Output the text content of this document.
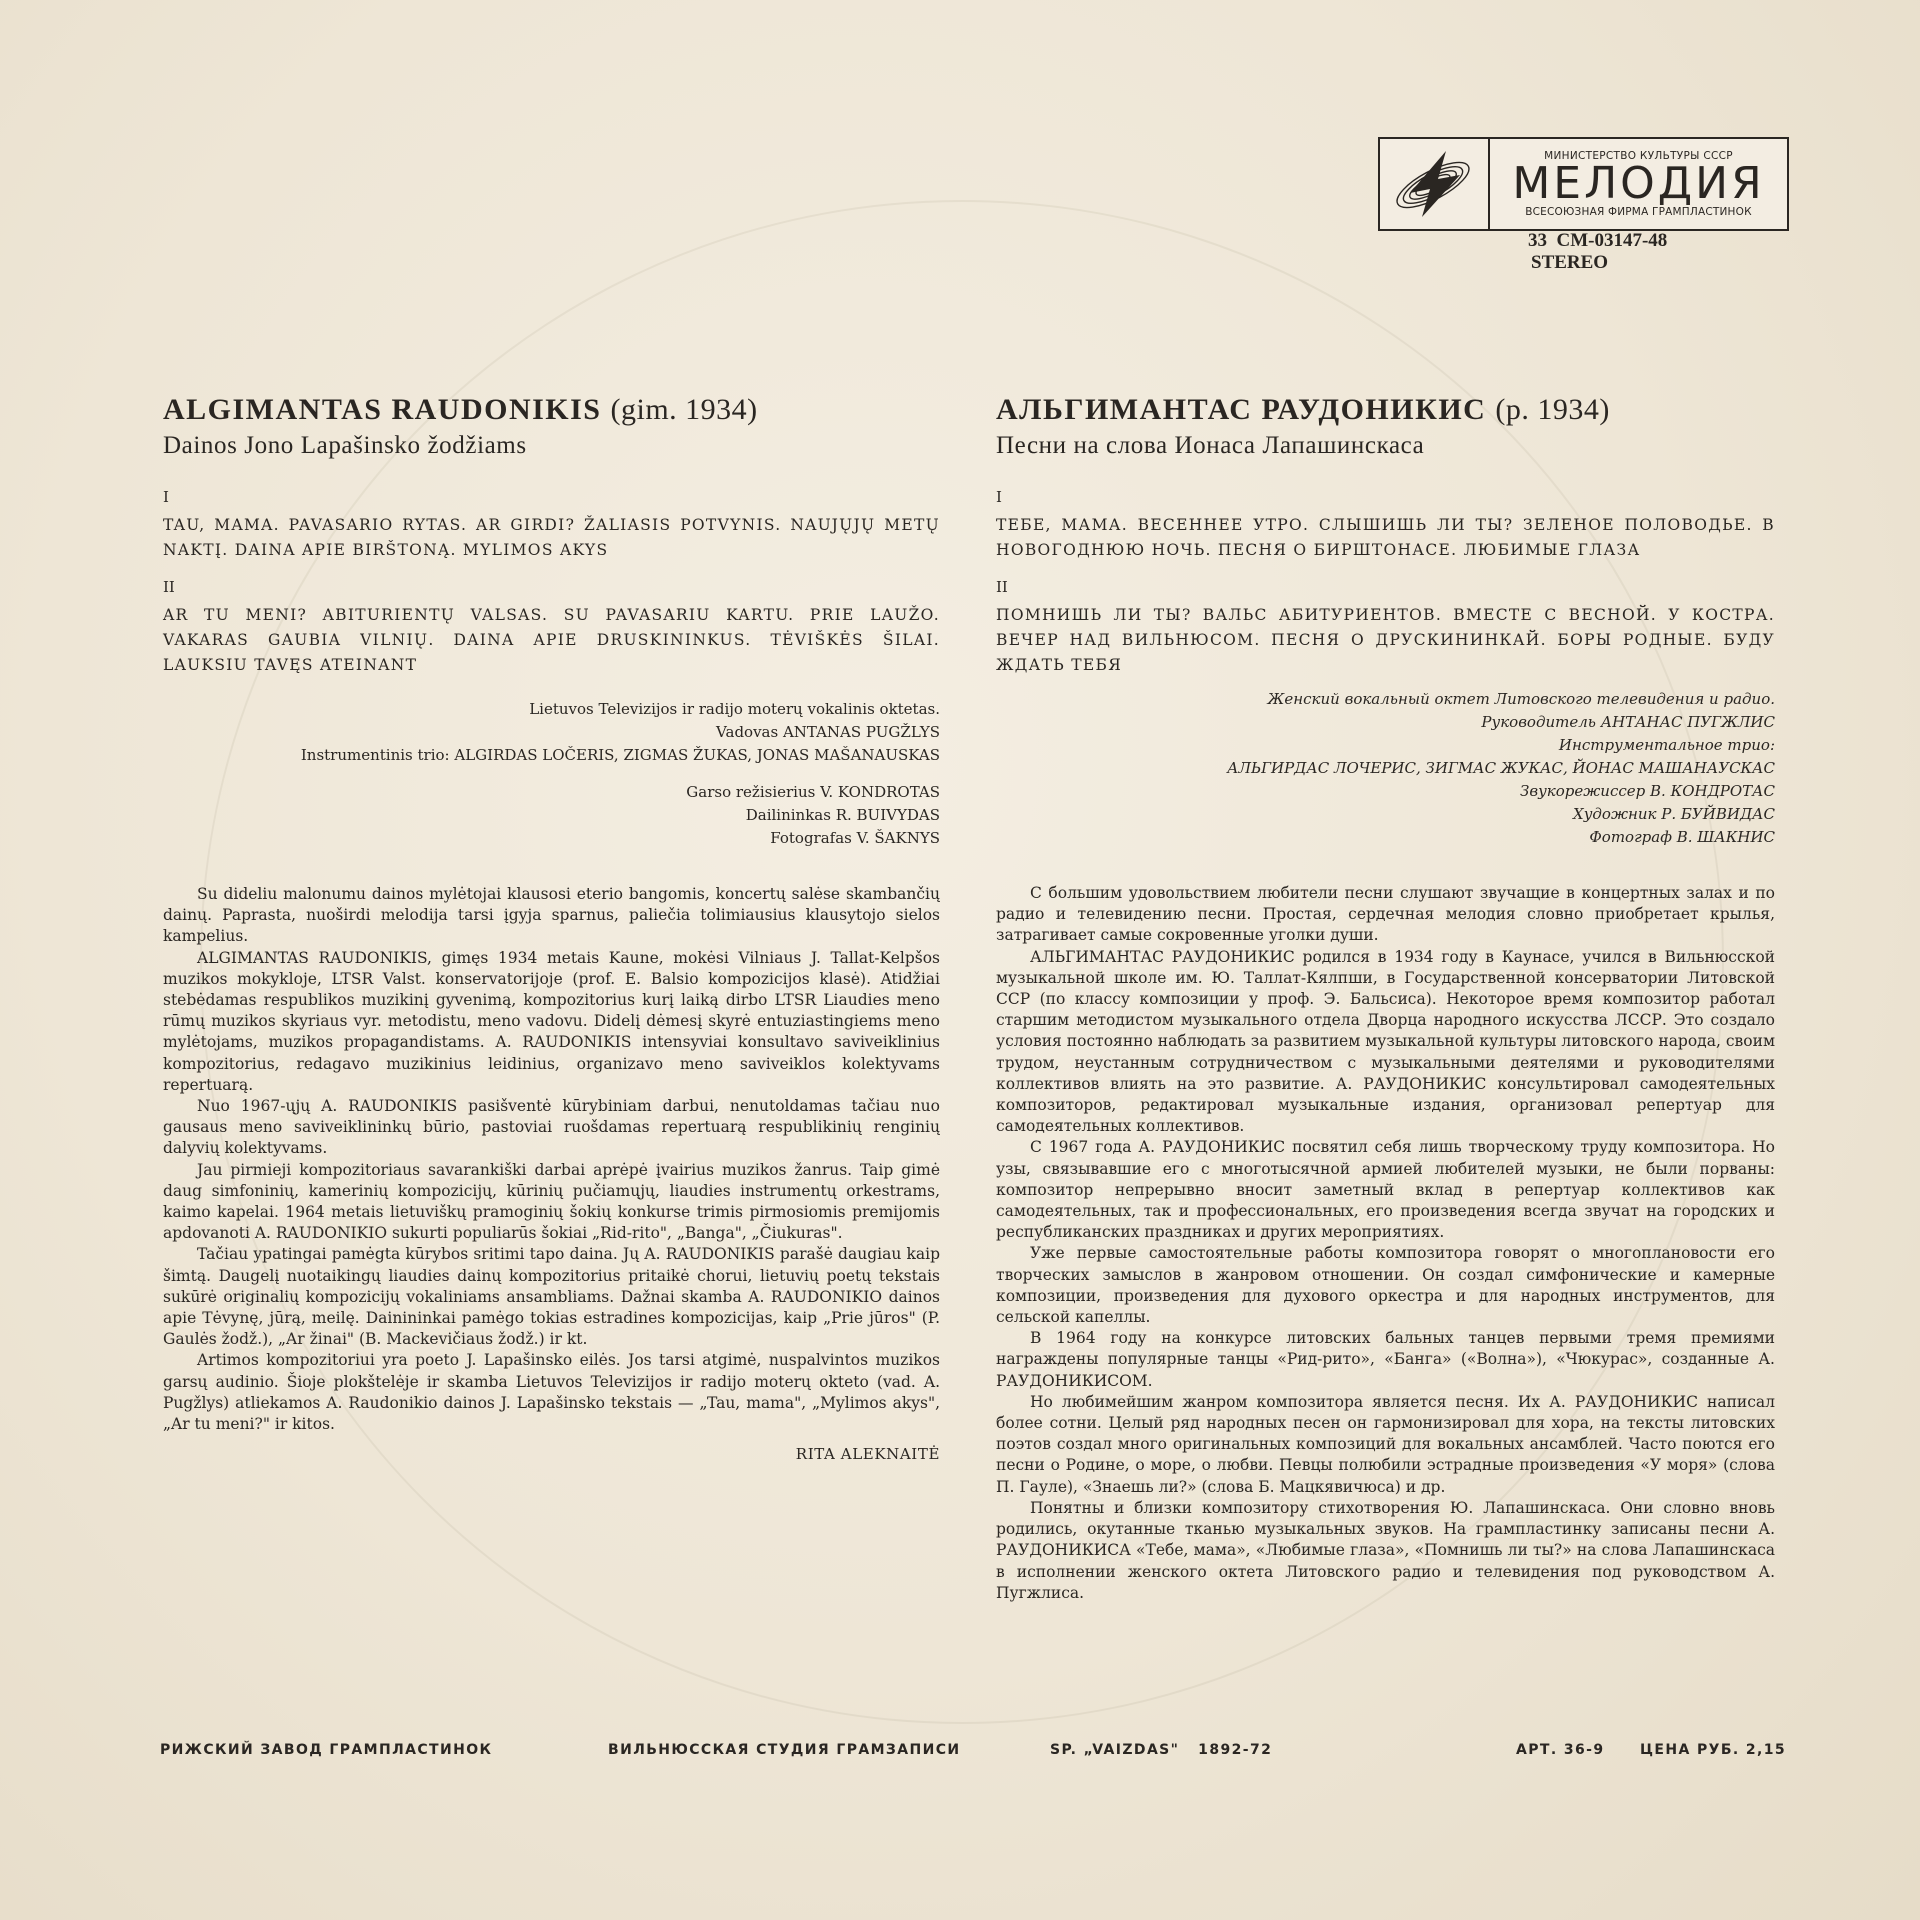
МИНИСТЕРСТВО КУЛЬТУРЫ СССР
МЕЛОДИЯ
ВСЕСОЮЗНАЯ ФИРМА ГРАМПЛАСТИНОК
33  СМ-03147-48
STEREO
ALGIMANTAS RAUDONIKIS (gim. 1934)
Dainos Jono Lapašinsko žodžiams
I
TAU, MAMA. PAVASARIO RYTAS. AR GIRDI? ŽALIASIS POTVYNIS. NAUJŲJŲ METŲ NAKTĮ. DAINA APIE BIRŠTONĄ. MYLIMOS AKYS
II
AR TU MENI? ABITURIENTŲ VALSAS. SU PAVASARIU KARTU. PRIE LAUŽO. VAKARAS GAUBIA VILNIŲ. DAINA APIE DRUSKININKUS. TĖVIŠKĖS ŠILAI. LAUKSIU TAVĘS ATEINANT
Lietuvos Televizijos ir radijo moterų vokalinis oktetas.
Vadovas ANTANAS PUGŽLYS
Instrumentinis trio: ALGIRDAS LOČERIS, ZIGMAS ŽUKAS, JONAS MAŠANAUSKAS
Garso režisierius V. KONDROTAS
Dailininkas R. BUIVYDAS
Fotografas V. ŠAKNYS

Su dideliu malonumu dainos mylėtojai klausosi eterio bangomis, koncertų salėse skambančių dainų. Paprasta, nuoširdi melodija tarsi įgyja sparnus, paliečia tolimiausius klausytojo sielos kampelius.

ALGIMANTAS RAUDONIKIS, gimęs 1934 metais Kaune, mokėsi Vilniaus J. Tallat-Kelpšos muzikos mokykloje, LTSR Valst. konservatorijoje (prof. E. Balsio kompozicijos klasė). Atidžiai stebėdamas respublikos muzikinį gyvenimą, kompozitorius kurį laiką dirbo LTSR Liaudies meno rūmų muzikos skyriaus vyr. metodistu, meno vadovu. Didelį dėmesį skyrė entuziastingiems meno mylėtojams, muzikos propagandistams. A. RAUDONIKIS intensyviai konsultavo saviveiklinius kompozitorius, redagavo muzikinius leidinius, organizavo meno saviveiklos kolektyvams repertuarą.

Nuo 1967-ųjų A. RAUDONIKIS pasišventė kūrybiniam darbui, nenutoldamas tačiau nuo gausaus meno saviveiklininkų būrio, pastoviai ruošdamas repertuarą respublikinių renginių dalyvių kolektyvams.

Jau pirmieji kompozitoriaus savarankiški darbai aprėpė įvairius muzikos žanrus. Taip gimė daug simfoninių, kamerinių kompozicijų, kūrinių pučiamųjų, liaudies instrumentų orkestrams, kaimo kapelai. 1964 metais lietuviškų pramoginių šokių konkurse trimis pirmosiomis premijomis apdovanoti A. RAUDONIKIO sukurti populiarūs šokiai „Rid-rito", „Banga", „Čiukuras".

Tačiau ypatingai pamėgta kūrybos sritimi tapo daina. Jų A. RAUDONIKIS parašė daugiau kaip šimtą. Daugelį nuotaikingų liaudies dainų kompozitorius pritaikė chorui, lietuvių poetų tekstais sukūrė originalių kompozicijų vokaliniams ansambliams. Dažnai skamba A. RAUDONIKIO dainos apie Tėvynę, jūrą, meilę. Dainininkai pamėgo tokias estradines kompozicijas, kaip „Prie jūros" (P. Gaulės žodž.), „Ar žinai" (B. Mackevičiaus žodž.) ir kt.

Artimos kompozitoriui yra poeto J. Lapašinsko eilės. Jos tarsi atgimė, nuspalvintos muzikos garsų audinio. Šioje plokštelėje ir skamba Lietuvos Televizijos ir radijo moterų okteto (vad. A. Pugžlys) atliekamos A. Raudonikio dainos J. Lapašinsko tekstais — „Tau, mama", „Mylimos akys", „Ar tu meni?" ir kitos.

RITA ALEKNAITĖ
АЛЬГИМАНТАС РАУДОНИКИС (р. 1934)
Песни на слова Ионаса Лапашинскаса
I
ТЕБЕ, МАМА. ВЕСЕННЕЕ УТРО. СЛЫШИШЬ ЛИ ТЫ? ЗЕЛЕНОЕ ПОЛОВОДЬЕ. В НОВОГОДНЮЮ НОЧЬ. ПЕСНЯ О БИРШТОНАСЕ. ЛЮБИМЫЕ ГЛАЗА
II
ПОМНИШЬ ЛИ ТЫ? ВАЛЬС АБИТУРИЕНТОВ. ВМЕСТЕ С ВЕСНОЙ. У КОСТРА. ВЕЧЕР НАД ВИЛЬНЮСОМ. ПЕСНЯ О ДРУСКИНИНКАЙ. БОРЫ РОДНЫЕ. БУДУ ЖДАТЬ ТЕБЯ
Женский вокальный октет Литовского телевидения и радио.
Руководитель АНТАНАС ПУГЖЛИС
Инструментальное трио:
АЛЬГИРДАС ЛОЧЕРИС, ЗИГМАС ЖУКАС, ЙОНАС МАШАНАУСКАС
Звукорежиссер В. КОНДРОТАС
Художник Р. БУЙВИДАС
Фотограф В. ШАКНИС

С большим удовольствием любители песни слушают звучащие в концертных залах и по радио и телевидению песни. Простая, сердечная мелодия словно приобретает крылья, затрагивает самые сокровенные уголки души.

АЛЬГИМАНТАС РАУДОНИКИС родился в 1934 году в Каунасе, учился в Вильнюсской музыкальной школе им. Ю. Таллат-Кялпши, в Государственной консерватории Литовской ССР (по классу композиции у проф. Э. Бальсиса). Некоторое время композитор работал старшим методистом музыкального отдела Дворца народного искусства ЛССР. Это создало условия постоянно наблюдать за развитием музыкальной культуры литовского народа, своим трудом, неустанным сотрудничеством с музыкальными деятелями и руководителями коллективов влиять на это развитие. А. РАУДОНИКИС консультировал самодеятельных композиторов, редактировал музыкальные издания, организовал репертуар для самодеятельных коллективов.

С 1967 года А. РАУДОНИКИС посвятил себя лишь творческому труду композитора. Но узы, связывавшие его с многотысячной армией любителей музыки, не были порваны: композитор непрерывно вносит заметный вклад в репертуар коллективов как самодеятельных, так и профессиональных, его произведения всегда звучат на городских и республиканских праздниках и других мероприятиях.

Уже первые самостоятельные работы композитора говорят о многоплановости его творческих замыслов в жанровом отношении. Он создал симфонические и камерные композиции, произведения для духового оркестра и для народных инструментов, для сельской капеллы.

В 1964 году на конкурсе литовских бальных танцев первыми тремя премиями награждены популярные танцы «Рид-рито», «Банга» («Волна»), «Чюкурас», созданные А. РАУДОНИКИСОМ.

Но любимейшим жанром композитора является песня. Их А. РАУДОНИКИС написал более сотни. Целый ряд народных песен он гармонизировал для хора, на тексты литовских поэтов создал много оригинальных композиций для вокальных ансамблей. Часто поются его песни о Родине, о море, о любви. Певцы полюбили эстрадные произведения «У моря» (слова П. Гауле), «Знаешь ли?» (слова Б. Мацкявичюса) и др.

Понятны и близки композитору стихотворения Ю. Лапашинскаса. Они словно вновь родились, окутанные тканью музыкальных звуков. На грампластинку записаны песни А. РАУДОНИКИСА «Тебе, мама», «Любимые глаза», «Помнишь ли ты?» на слова Лапашинскаса в исполнении женского октета Литовского радио и телевидения под руководством А. Пугжлиса.

РИЖСКИЙ ЗАВОД ГРАМПЛАСТИНОК	ВИЛЬНЮССКАЯ СТУДИЯ ГРАМЗАПИСИ	SP. „VAIZDAS"   1892-72	АРТ. 36-9	ЦЕНА РУБ. 2,15
